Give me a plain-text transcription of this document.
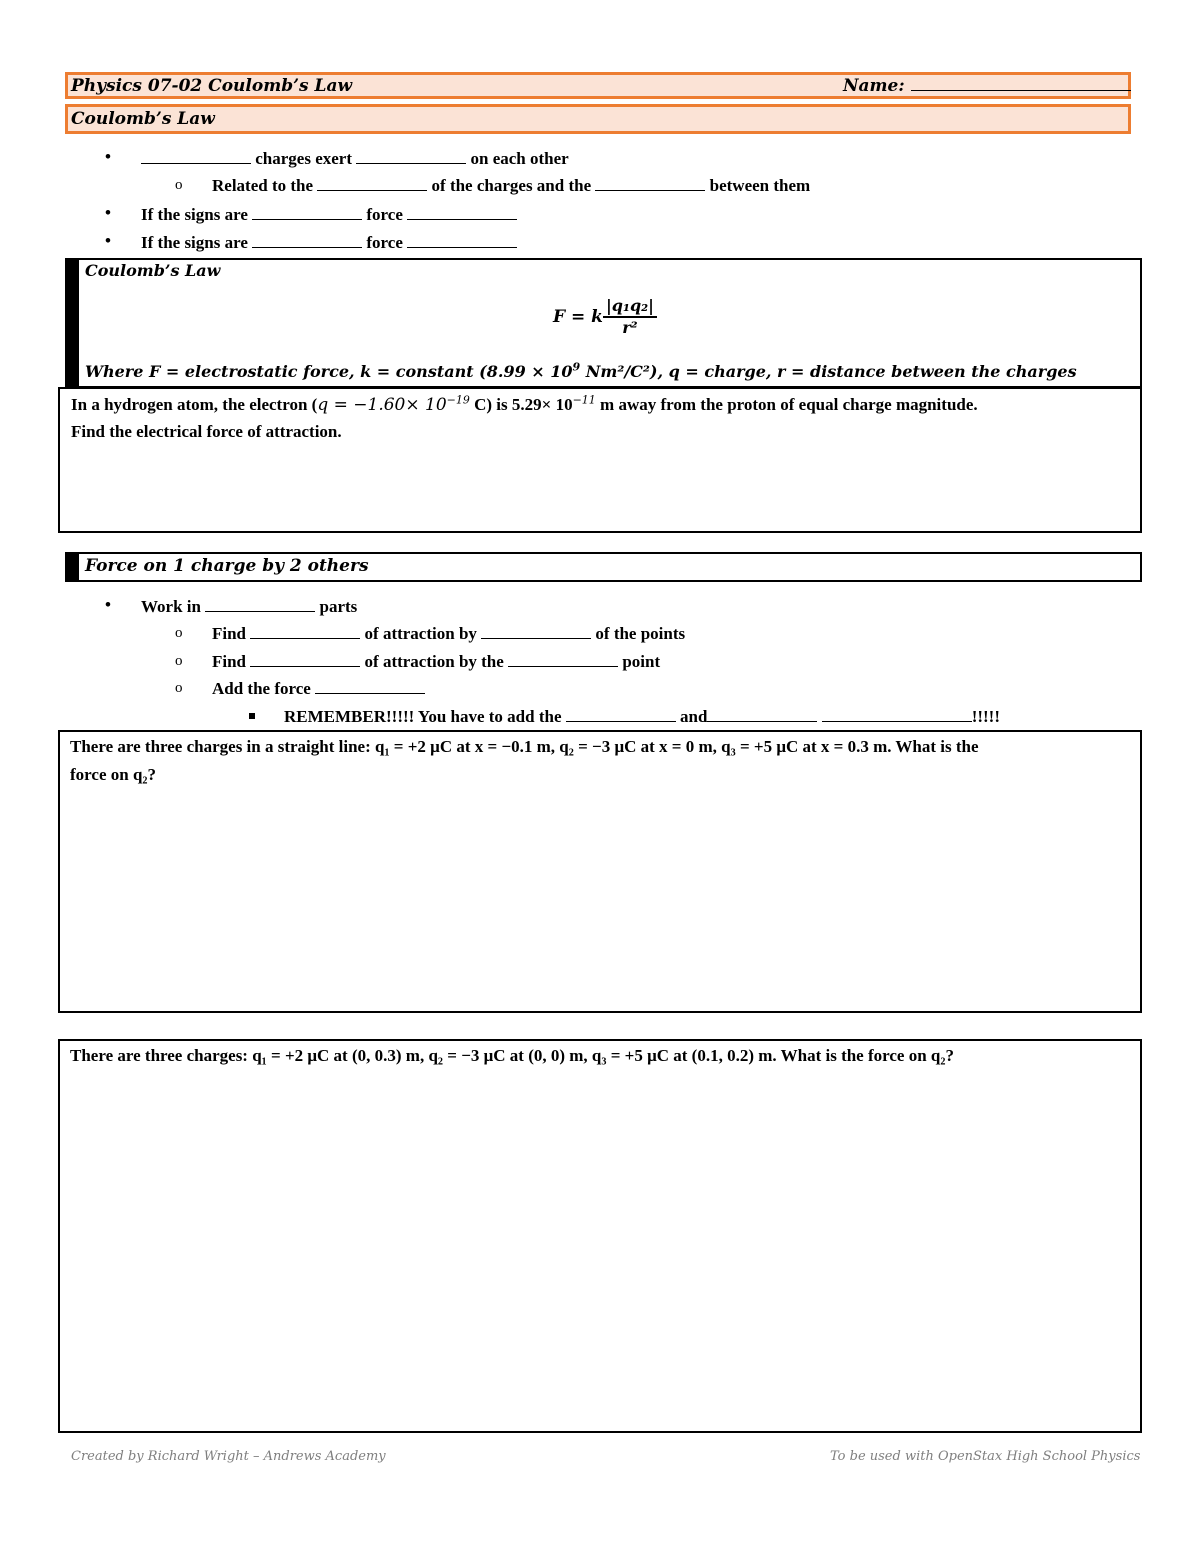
Physics 07-02 Coulomb’s Law	Name:
Coulomb’s Law
•	charges exert	on each other
o Related to the	of the charges and the	between them
• If the signs are	force
• If the signs are	force
Coulomb’s Law
F = k $\frac{\text{|q₁q₂|}}{\text{r²}}$
Where F = electrostatic force, k = constant ($8.99 \times 10^9$ Nm²/C²), q = charge, r = distance between the charges
In a hydrogen atom, the electron ($q = -1.60\times 10^{-19}$ C) is $5.29\times 10^{-11}$ m away from the proton of equal charge magnitude.
Find the electrical force of attraction.
Force on 1 charge by 2 others
• Work in	parts
o Find	of attraction by	of the points
o Find	of attraction by the	point
o Add the force
REMEMBER!!!!! You have to add the	and	!!!!!
There are three charges in a straight line: q₁ = +2 μC at x = −0.1 m, q₂ = −3 μC at x = 0 m, q₃ = +5 μC at x = 0.3 m. What is the
force on q₂?
There are three charges: q₁ = +2 μC at (0, 0.3) m, q₂ = −3 μC at (0, 0) m, q₃ = +5 μC at (0.1, 0.2) m. What is the force on q₂?
Created by Richard Wright – Andrews Academy	To be used with OpenStax High School Physics
